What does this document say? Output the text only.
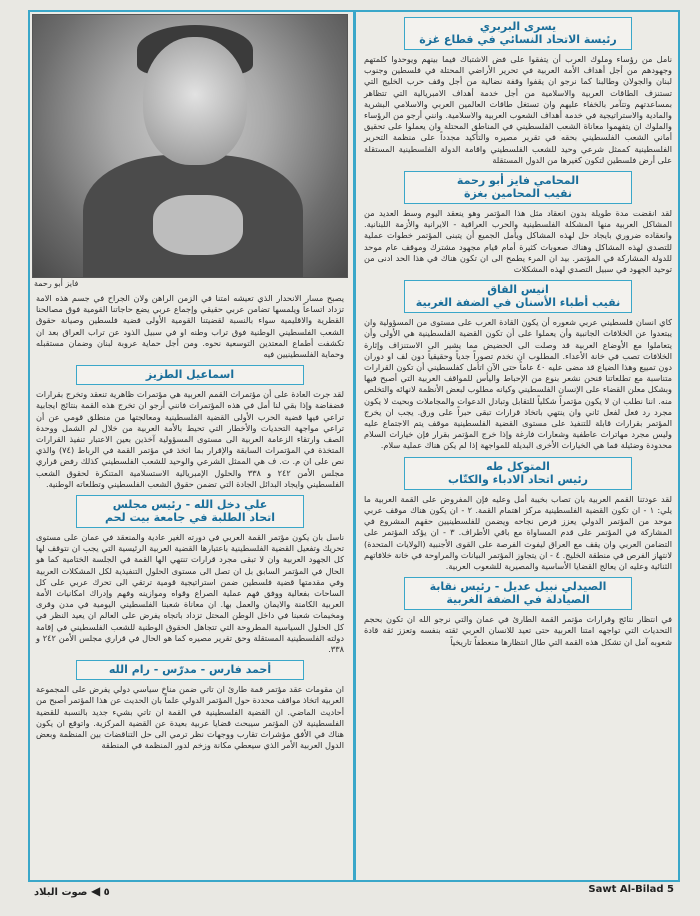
فايز أبو رحمة

يصبح مسار الانحدار الذي تعيشه امتنا في الزمن الراهن ولان الجراح في جسم هذه الامة تزداد اتساعاً ويلمسها تضامن عربي حقيقي وإجماع عربي يضع حاجاتنا القومية فوق مصالحنا القطرية والاقليمية سواء بالنسبة لقضيتنا القومية الأولى قضية فلسطين وصيانة حقوق الشعب الفلسطيني الوطنية فوق تراب وطنه او في سبيل الذود عن تراب العراق بعد ان تكشفت أطماع المعتدين التوسعية نحوه. ومن أجل حماية عروبة لبنان وضمان مستقبله وحماية الفلسطينيين فيه

اسماعيل الطزيز

لقد جرت العادة على أن مؤتمرات القمم العربية هي مؤتمرات ظاهرية تنعقد وتخرج بقرارات فضفاضة وإذا بقي لنا أمل في هذه المؤتمرات فانني أرجو ان تخرج هذه القمة بنتائج ايجابية تراعي فيها قضية الحرب الأولى القضية الفلسطينية ومعالجتها من منطلق قومي عن أن تراعي مواجهة التحديات والأخطار التي تحيط بالأمة العربية من خلال لم الشمل ووحدة الصف وارتقاء الزعامة العربية الى مستوى المسؤولية آخذين بعين الاعتبار تنفيذ القرارات المتخذة في المؤتمرات السابقة والإقرار بما اتخذ في مؤتمر القمة في الرباط (٧٤) والذي نص على ان م. ت. ف هي الممثل الشرعي والوحيد للشعب الفلسطيني كذلك رفض قراري مجلس الأمن ٢٤٢ و ٣٣٨ والحلول الإمبريالية الاستسلامية المتنكرة لحقوق الشعب الفلسطيني وايجاد البدائل الجادة التي تضمن حقوق الشعب الفلسطيني وتطلعاته الوطنية.

علي دخل الله - رئيس مجلس
اتحاد الطلبة في جامعة بيت لحم

ناسل بان يكون مؤتمر القمة العربي في دورته الغير عادية والمنعقد في عمان على مستوى تحريك وتفعيل القضية الفلسطينية باعتبارها القضية العربية الرئيسية التي يجب ان نتوقف لها كل الجهود العربية وان لا تبقى مجرد قرارات تنتهي الها القمة في الجلسة الختامية كما هو الحال في المؤتمر السابق بل ان تصل الى مستوى الحلول التنفيذية لكل المشكلات العربية وفي مقدمتها قضية فلسطين ضمن استراتيجية قومية ترتقي الى تحرك عربي على كل الساحات بفعالية ووفق فهم عملية الصراع وقواه وموازينه وفهم وإدراك امكانيات الأمة العربية الكامنة والايمان والعمل بها. ان معاناة شعبنا الفلسطيني اليومية في مدن وقرى ومخيمات شعبنا في داخل الوطن المحتل تزداد باتجاه يفرض على العالم ان يعيد النظر في كل الحلول السياسية المطروحة التي تتجاهل الحقوق الوطنية للشعب الفلسطيني في إقامة دولته الفلسطينية المستقلة وحق تقرير مصيره كما هو الحال في قراري مجلس الأمن ٢٤٢ و ٣٣٨.

أحمد فارس - مدرّس - رام الله

ان مقومات عقد مؤتمر قمة طارئ ان تاتي ضمن مناخ سياسي دولي يفرض على المجموعة العربية اتخاذ مواقف محددة حول المؤتمر الدولي علماً بان الحديث عن هذا المؤتمر أصبح من أحاديث الماضي. ان القضية الفلسطينية في القمة ان تاتي بشيء جديد بالنسبة للقضية الفلسطينية لان المؤتمر سيبحث قضايا عربية بعيدة عن القضية المركزية. واتوقع ان يكون هناك في الأفق مؤشرات تقارب ووجهات نظر ترمي الى حل التناقضات بين المنظمة وبعض الدول العربية الأمر الذي سيعطي مكانة وزخم لدور المنظمة في المنطقة

يسرى البربري
رئيسة الاتحاد النسائي في قطاع غزة

نامل من رؤساء وملوك العرب أن يتفقوا على فض الاشتباك فيما بينهم ويوحدوا كلمتهم وجهودهم من أجل أهداف الأمة العربية في تحرير الأراضي المحتلة في فلسطين وجنوب لبنان والجولان وطالبنا كما نرجو ان يقفوا وقفة نضالية من أجل وقف حرب الخليج التي تستنزف الطاقات العربية والاسلامية من أجل خدمة أهداف الامبريالية التي تتظاهر بمساعدتهم وتتآمر بالخفاء عليهم وان تستغل طاقات العالمين العربي والاسلامي البشرية والمادية والاستراتيجية في خدمة أهداف الشعوب العربية والاسلامية. وانني أرجو من الرؤساء والملوك ان يتفهموا معاناة الشعب الفلسطيني في المناطق المحتلة وان يعملوا على تحقيق أماني الشعب الفلسطيني بحقه في تقرير مصيره والتأكيد مجدداً على منظمة التحرير الفلسطينية كممثل شرعي وحيد للشعب الفلسطيني واقامة الدولة الفلسطينية المستقلة على أرض فلسطين لتكون كغيرها من الدول المستقلة

المحامي فايز أبو رحمة
نقيب المحامين بغزة

لقد انقضت مدة طويلة بدون انعقاد مثل هذا المؤتمر وهو ينعقد اليوم وسط العديد من المشاكل العربية منها المشكلة الفلسطينية والحرب العراقية - الايرانية والأزمة اللبنانية. وانعقاده ضروري بايجاد حل لهذه المشاكل ويأمل الجميع أن يتبنى المؤتمر خطوات عملية للتصدي لهذه المشاكل وهناك صعوبات كثيرة أمام قيام مجهود مشترك وموقف عام موحد للدولة المشاركة في المؤتمر. بيد ان المرء يطمح الى ان تكون هناك في هذا الحد ادنى من توحيد الجهود في سبيل التصدي لهذه المشكلات

انيس القاق
نقيب أطباء الأسنان في الضفة الغربية

كاي انسان فلسطيني عربي شعوره أن يكون القادة العرب على مستوى من المسؤولية وان يبتعدوا عن الخلافات الجانبية وأن يعملوا على أن تكون القضية الفلسطينية هي الأولى وأن يتعاملوا مع الأوضاع العربية قد وصلت الى الحضيض مما يشير الى الاستنزاف وإثارة الخلافات تصب في خانة الأعداء. المطلوب ان نخدم تصوراً جدياً وحقيقياً دون لف او دوران دون تمييع وهذا الضياع قد مضى عليه ٤٠ عاماً حتى الآن اتأمل كفلسطيني أن تكون القرارات متناسبة مع تطلعاتنا فنحن نشعر بنوع من الإحباط واليأس للمواقف العربية التي أصبح فيها وبشكل معلن القضاء على الإنسان الفلسطيني وكيانه مطلوب لبعض الأنظمة لانهائه والتخلص منه. اننا نطلب ان لا يكون مؤتمراً شكلياً للتقابل وتبادل الدعوات والمجاملات وبحيث لا يكون مجرد رد فعل لفعل ثاني وان ينتهي باتخاذ قرارات تبقى حبراً على ورق. يجب ان يخرج المؤتمر بقرارات قابلة للتنفيذ على مستوى القضية الفلسطينية موقف يتم الاجتماع عليه وليس مجرد مهاترات عاطفية وشعارات فارغة وإذا خرج المؤتمر بقرار فإن خيارات السلام محدودة وضئيلة فما هي الخيارات الأخرى البديلة للمواجهة إذا لم يكن هناك عملية سلام.

المتوكل طه
رئيس اتحاد الادباء والكتّاب

لقد عودتنا القمم العربية بان تصاب بخيبة أمل وعليه فإن المفروض على القمة العربية ما يلي: ١ - ان تكون القضية الفلسطينية مركز اهتمام القمة. ٢ - ان يكون هناك موقف عربي موحد من المؤتمر الدولي يعزز فرص نجاحه ويضمن للفلسطينيين حقهم المشروع في المشاركة في المؤتمر على قدم المساواة مع باقي الأطراف. ٣ - ان يؤكد المؤتمر على التضامن العربي وان يقف مع العراق ليفوت الفرصة على القوى الأجنبية (الولايات المتحدة) لانتهاز الفرص في منطقة الخليج. ٤ - ان يتجاوز المؤتمر البيانات والمراوحة في خانة خلافاتهم الثنائية وعليه ان يعالج القضايا الأساسية والمصيرية للشعوب العربية.

الصيدلي نبيل عديل - رئيس نقابة
الصيادلة في الضفة الغربية

في انتظار نتائج وقرارات مؤتمر القمة الطارئ في عمان والتي نرجو الله ان تكون بحجم التحديات التي تواجهه امتنا العربية حتى تعيد للانسان العربي ثقته بنفسه وتعزز ثقة قادة شعوبه آمل ان تشكل هذه القمة التي طال انتظارها منعطفاً تاريخياً

٥ ◀ صوت البلاد	Sawt Al-Bilad 5
